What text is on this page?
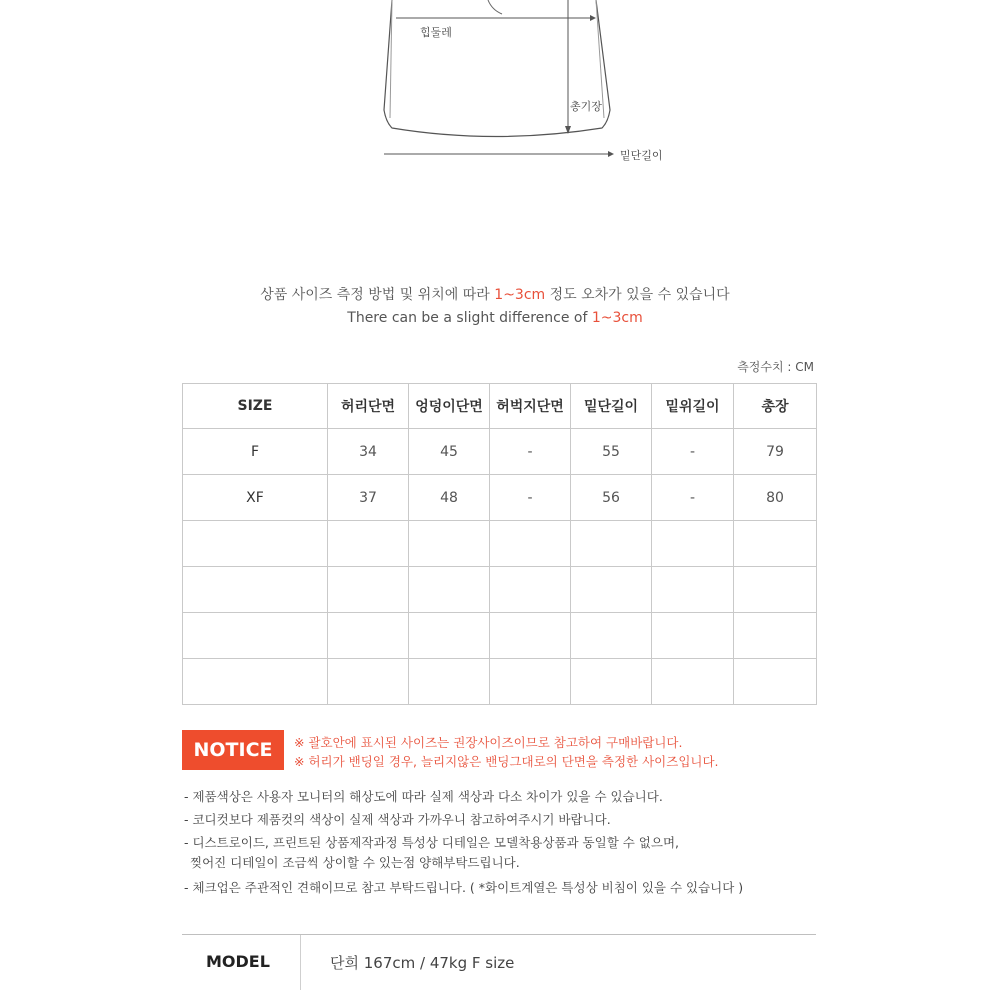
힙둘레
총기장
밑단길이
상품 사이즈 측정 방법 및 위치에 따라 1~3cm 정도 오차가 있을 수 있습니다
There can be a slight difference of 1~3cm
측정수치 : CM
SIZE	허리단면	엉덩이단면	허벅지단면	밑단길이	밑위길이	총장
F	34	45	-	55	-	79
XF	37	48	-	56	-	80

NOTICE	※ 괄호안에 표시된 사이즈는 권장사이즈이므로 참고하여 구매바랍니다.
※ 허리가 밴딩일 경우, 늘리지않은 밴딩그대로의 단면을 측정한 사이즈입니다.
- 제품색상은 사용자 모니터의 해상도에 따라 실제 색상과 다소 차이가 있을 수 있습니다.
- 코디컷보다 제품컷의 색상이 실제 색상과 가까우니 참고하여주시기 바랍니다.
- 디스트로이드, 프린트된 상품제작과정 특성상 디테일은 모델착용상품과 동일할 수 없으며,
찢어진 디테일이 조금씩 상이할 수 있는점 양해부탁드립니다.
- 체크업은 주관적인 견해이므로 참고 부탁드립니다. ( *화이트계열은 특성상 비침이 있을 수 있습니다 )
MODEL	단희 167cm / 47kg F size
